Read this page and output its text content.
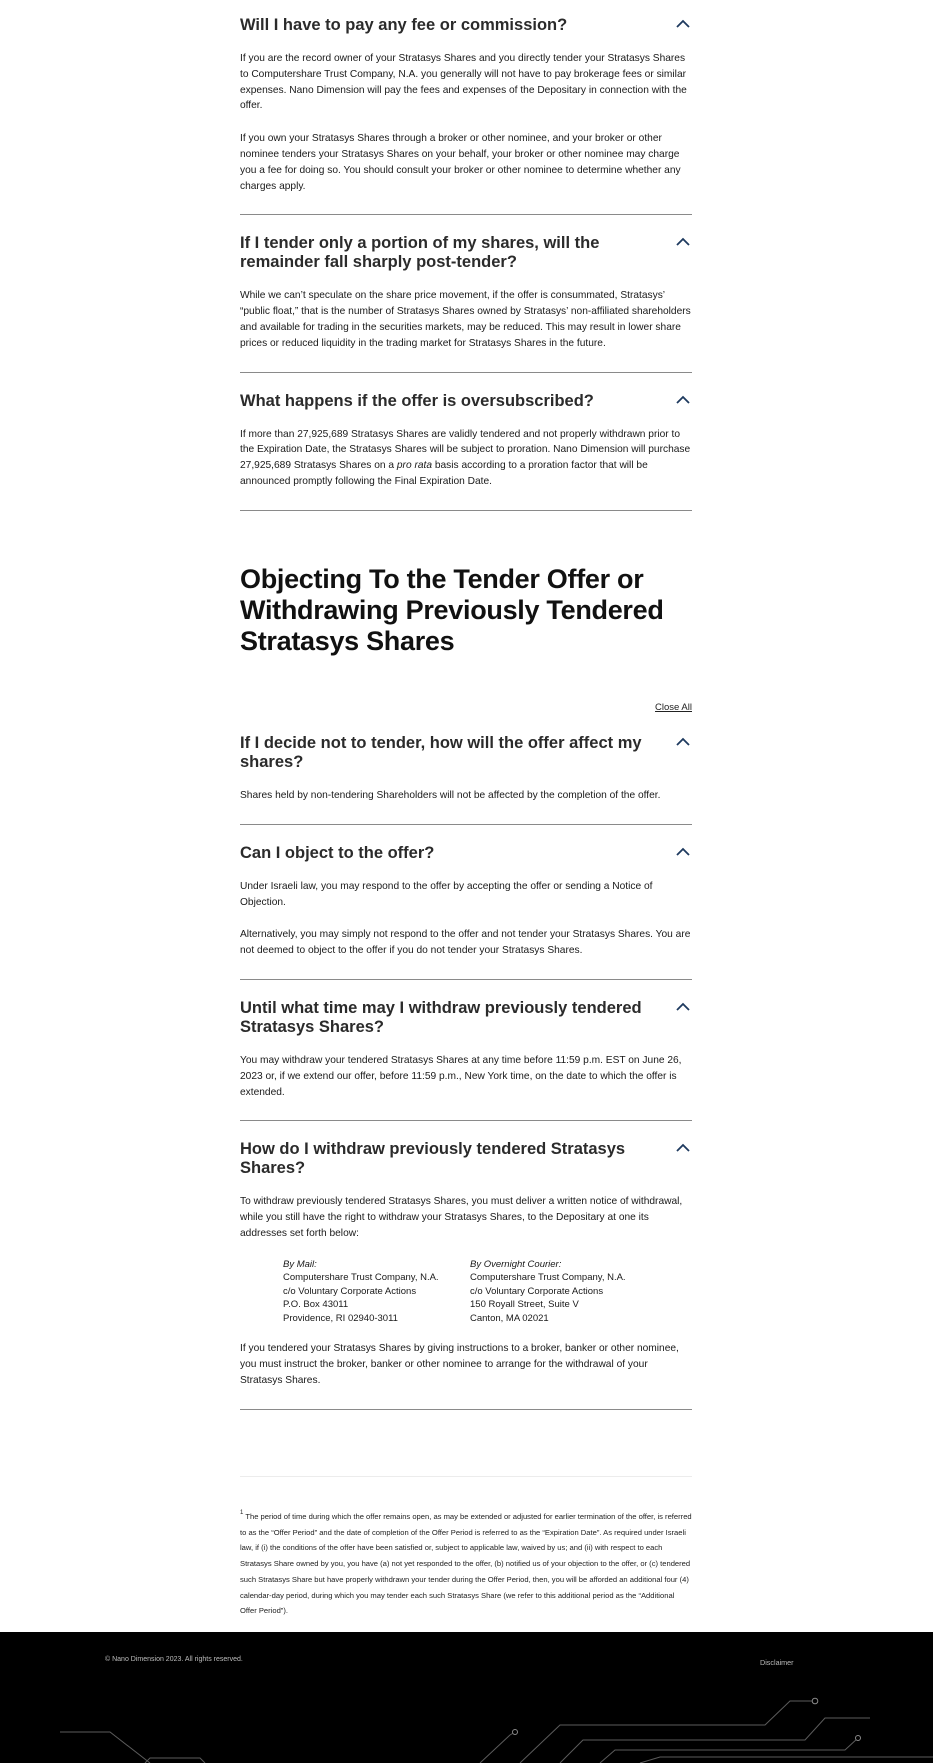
Will I have to pay any fee or commission?

If you are the record owner of your Stratasys Shares and you directly tender your Stratasys Shares to Computershare Trust Company, N.A. you generally will not have to pay brokerage fees or similar expenses. Nano Dimension will pay the fees and expenses of the Depositary in connection with the offer.

If you own your Stratasys Shares through a broker or other nominee, and your broker or other nominee tenders your Stratasys Shares on your behalf, your broker or other nominee may charge you a fee for doing so. You should consult your broker or other nominee to determine whether any charges apply.

If I tender only a portion of my shares, will the remainder fall sharply post-tender?

While we can’t speculate on the share price movement, if the offer is consummated, Stratasys’ “public float,” that is the number of Stratasys Shares owned by Stratasys’ non-affiliated shareholders and available for trading in the securities markets, may be reduced. This may result in lower share prices or reduced liquidity in the trading market for Stratasys Shares in the future.

What happens if the offer is oversubscribed?

If more than 27,925,689 Stratasys Shares are validly tendered and not properly withdrawn prior to the Expiration Date, the Stratasys Shares will be subject to proration. Nano Dimension will purchase 27,925,689 Stratasys Shares on a pro rata basis according to a proration factor that will be announced promptly following the Final Expiration Date.

Objecting To the Tender Offer or Withdrawing Previously Tendered Stratasys Shares
Close All
If I decide not to tender, how will the offer affect my shares?

Shares held by non-tendering Shareholders will not be affected by the completion of the offer.

Can I object to the offer?

Under Israeli law, you may respond to the offer by accepting the offer or sending a Notice of Objection.

Alternatively, you may simply not respond to the offer and not tender your Stratasys Shares. You are not deemed to object to the offer if you do not tender your Stratasys Shares.

Until what time may I withdraw previously tendered Stratasys Shares?

You may withdraw your tendered Stratasys Shares at any time before 11:59 p.m. EST on June 26, 2023 or, if we extend our offer, before 11:59 p.m., New York time, on the date to which the offer is extended.

How do I withdraw previously tendered Stratasys Shares?

To withdraw previously tendered Stratasys Shares, you must deliver a written notice of withdrawal, while you still have the right to withdraw your Stratasys Shares, to the Depositary at one its addresses set forth below:

By Mail:
Computershare Trust Company, N.A.
c/o Voluntary Corporate Actions
P.O. Box 43011
Providence, RI 02940-3011
By Overnight Courier:
Computershare Trust Company, N.A.
c/o Voluntary Corporate Actions
150 Royall Street, Suite V
Canton, MA 02021

If you tendered your Stratasys Shares by giving instructions to a broker, banker or other nominee, you must instruct the broker, banker or other nominee to arrange for the withdrawal of your Stratasys Shares.

$^1$ The period of time during which the offer remains open, as may be extended or adjusted for earlier termination of the offer, is referred to as the “Offer Period” and the date of completion of the Offer Period is referred to as the “Expiration Date”. As required under Israeli law, if (i) the conditions of the offer have been satisfied or, subject to applicable law, waived by us; and (ii) with respect to each Stratasys Share owned by you, you have (a) not yet responded to the offer, (b) notified us of your objection to the offer, or (c) tendered such Stratasys Share but have properly withdrawn your tender during the Offer Period, then, you will be afforded an additional four (4) calendar-day period, during which you may tender each such Stratasys Share (we refer to this additional period as the “Additional Offer Period”).

© Nano Dimension 2023. All rights reserved.	Disclaimer
